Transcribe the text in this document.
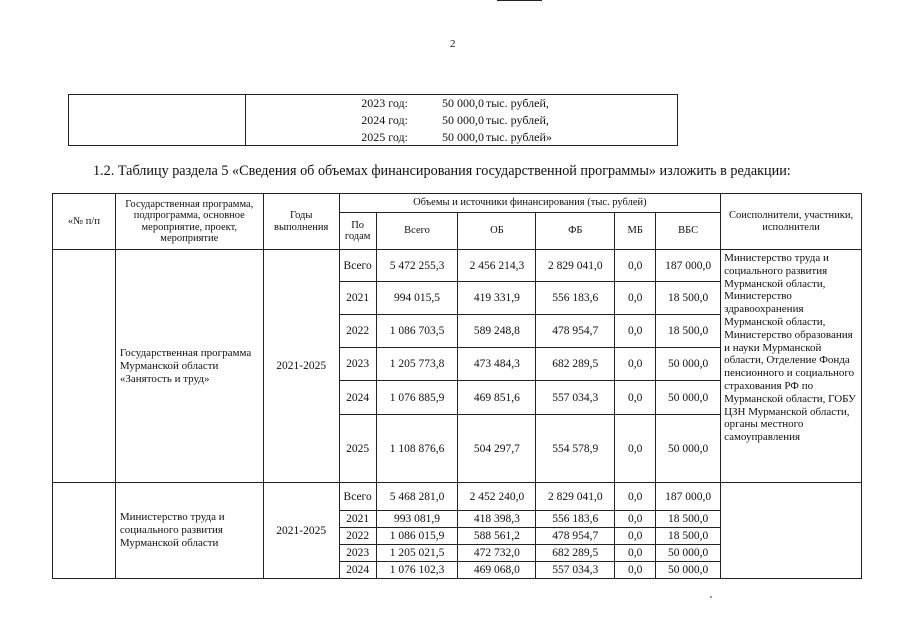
2

2023 год:	50 000,0 тыс. рублей,
2024 год:	50 000,0 тыс. рублей,
2025 год:	50 000,0 тыс. рублей»
1.2. Таблицу раздела 5 «Сведения об объемах финансирования государственной программы» изложить в редакции:
«№ п/п	Государственная программа, подпрограмма, основное мероприятие, проект, мероприятие	Годы выполнения	Объемы и источники финансирования (тыс. рублей)						Соисполнители, участники, исполнители
			По годам	Всего	ОБ	ФБ	МБ	ВБС	
	Государственная программа Мурманской области «Занятость и труд»	2021-2025	Всего	5 472 255,3	2 456 214,3	2 829 041,0	0,0	187 000,0	Министерство труда и социального развития Мурманской области, Министерство здравоохранения Мурманской области, Министерство образования и науки Мурманской области, Отделение Фонда пенсионного и социального страхования РФ по Мурманской области, ГОБУ ЦЗН Мурманской области, органы местного самоуправления
			2021	994 015,5	419 331,9	556 183,6	0,0	18 500,0	
			2022	1 086 703,5	589 248,8	478 954,7	0,0	18 500,0	
			2023	1 205 773,8	473 484,3	682 289,5	0,0	50 000,0	
			2024	1 076 885,9	469 851,6	557 034,3	0,0	50 000,0	
			2025	1 108 876,6	504 297,7	554 578,9	0,0	50 000,0	
	Министерство труда и социального развития Мурманской области	2021-2025	Всего	5 468 281,0	2 452 240,0	2 829 041,0	0,0	187 000,0	
			2021	993 081,9	418 398,3	556 183,6	0,0	18 500,0	
			2022	1 086 015,9	588 561,2	478 954,7	0,0	18 500,0	
			2023	1 205 021,5	472 732,0	682 289,5	0,0	50 000,0	
			2024	1 076 102,3	469 068,0	557 034,3	0,0	50 000,0	
